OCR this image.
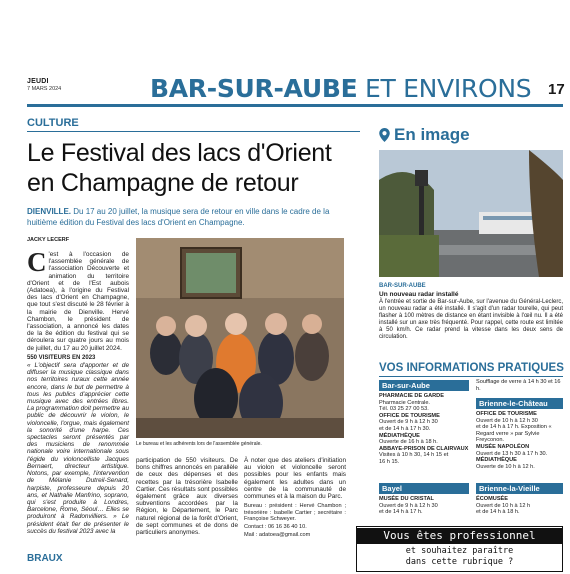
JEUDI
7 MARS 2024	BAR-SUR-AUBE ET ENVIRONS 17
CULTURE
Le Festival des lacs d'Orient en Champagne de retour
DIENVILLE. Du 17 au 20 juillet, la musique sera de retour en ville dans le cadre de la huitième édition du Festival des lacs d'Orient en Champagne.
JACKY LECERF
C 'est à l'occasion de l'assemblée générale de l'association Découverte et animation du territoire d'Orient et de l'Est aubois (Adatoea), à l'origine du Festival des lacs d'Orient en Champagne, que tout s'est discuté le 28 février à la mairie de Dienville. Hervé Chambon, le président de l'association, a annoncé les dates de la 8e édition du festival qui se déroulera sur quatre jours au mois de juillet, du 17 au 20 juillet 2024.
550 VISITEURS EN 2023
« L'objectif sera d'apporter et de diffuser la musique classique dans nos territoires ruraux cette année encore, dans le but de permettre à tous les publics d'apprécier cette musique avec des entrées libres. La programmation doit permettre au public de découvrir le violon, le violoncelle, l'orgue, mais également la sonorité d'une harpe. Ces spectacles seront présentés par des musiciens de renommée nationale voire internationale sous l'égide du violoncelliste Jacques Bernaert, directeur artistique. Notons, par exemple, l'intervention de Mélanie Dutreil-Senard, harpiste, professeure depuis 20 ans, et Nathalie Manfrino, soprano, qui s'est produite à Londres, Barcelone, Rome, Séoul… Elles se produiront à Radonvilliers. » Le président était fier de présenter le succès du festival 2023 avec la
Le bureau et les adhérents lors de l'assemblée générale.
participation de 550 visiteurs. De bons chiffres annoncés en parallèle de ceux des dépenses et des recettes par la trésorière Isabelle Cartier. Ces résultats sont possibles également grâce aux diverses subventions accordées par la Région, le Département, le Parc naturel régional de la forêt d'Orient, de sept communes et de dons de particuliers anonymes.
À noter que des ateliers d'initiation au violon et violoncelle seront possibles pour les enfants mais également les adultes dans un centre de la communauté de communes et à la maison du Parc.
Bureau : président : Hervé Chambon ; trésorière : Isabelle Cartier ; secrétaire : Françoise Schweyer.
Contact : 06 16 36 40 10.
Mail : adatoea@gmail.com
BRAUX
En image
BAR-SUR-AUBE
Un nouveau radar installé
À l'entrée et sortie de Bar-sur-Aube, sur l'avenue du Général-Leclerc, un nouveau radar a été installé. Il s'agit d'un radar tourelle, qui peut flasher à 100 mètres de distance en étant invisible à l'œil nu. Il a été installé sur un axe très fréquenté. Pour rappel, cette route est limitée à 50 km/h. Ce radar prend la vitesse dans les deux sens de circulation.
VOS INFORMATIONS PRATIQUES
Bar-sur-Aube
PHARMACIE DE GARDE
Pharmacie Centrale.
Tél. 03 25 27 00 53.
OFFICE DE TOURISME
Ouvert de 9 h à 12 h 30
et de 14 h à 17 h 30.
MÉDIATHÈQUE
Ouverte de 16 h à 18 h.
ABBAYE-PRISON DE CLAIRVAUX
Visites à 10 h 30, 14 h 15 et
16 h 15.
Soufflage de verre à 14 h 30 et 16 h.
Brienne-le-Château
OFFICE DE TOURISME
Ouvert de 10 h à 12 h 30
et de 14 h à 17 h. Exposition « Regard verre » par Sylvie Freyconon.
MUSÉE NAPOLÉON
Ouvert de 13 h 30 à 17 h 30.
MÉDIATHÈQUE
Ouverte de 10 h à 12 h.
Bayel
MUSÉE DU CRISTAL
Ouvert de 9 h à 12 h 30
et de 14 h à 17 h.
Brienne-la-Vieille
ÉCOMUSÉE
Ouvert de 10 h à 12 h
et de 14 h à 18 h.
Vous êtes professionnel
et souhaitez paraître
dans cette rubrique ?
